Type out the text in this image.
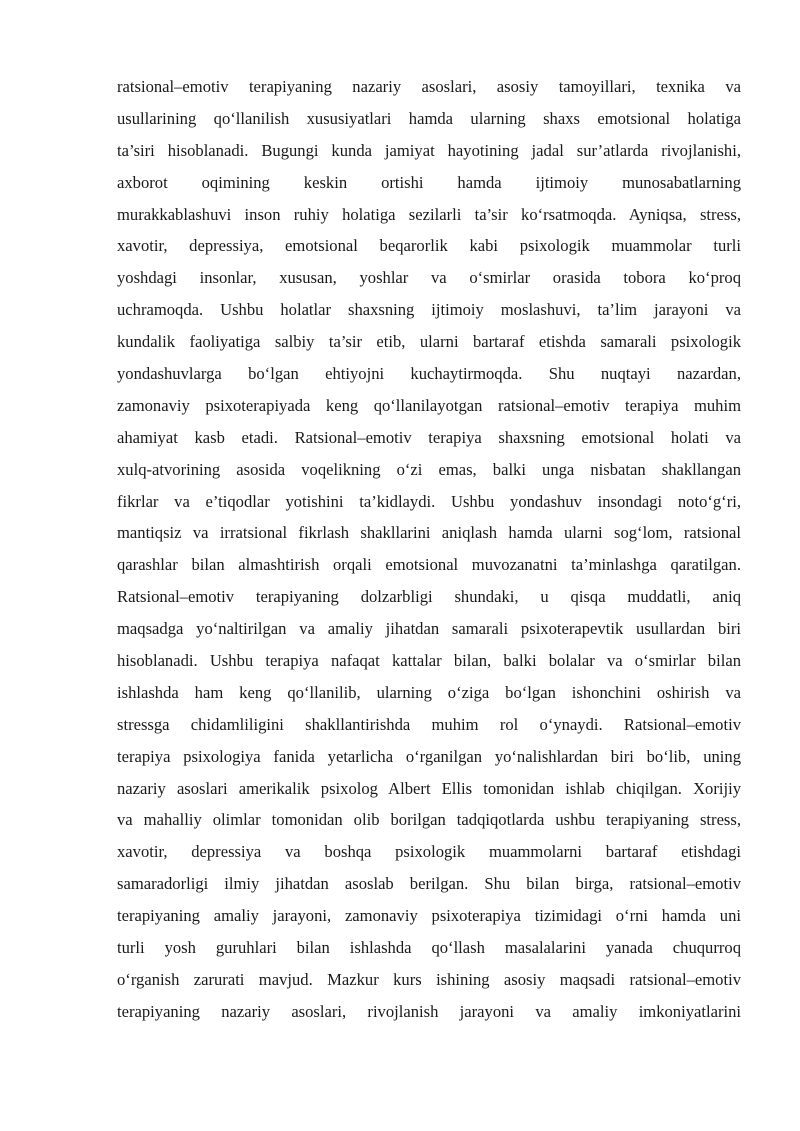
ratsional–emotiv terapiyaning nazariy asoslari, asosiy tamoyillari, texnika va
usullarining qo‘llanilish xususiyatlari hamda ularning shaxs emotsional holatiga
ta’siri hisoblanadi. Bugungi kunda jamiyat hayotining jadal sur’atlarda rivojlanishi,
axborot oqimining keskin ortishi hamda ijtimoiy munosabatlarning
murakkablashuvi inson ruhiy holatiga sezilarli ta’sir ko‘rsatmoqda. Ayniqsa, stress,
xavotir, depressiya, emotsional beqarorlik kabi psixologik muammolar turli
yoshdagi insonlar, xususan, yoshlar va o‘smirlar orasida tobora ko‘proq
uchramoqda. Ushbu holatlar shaxsning ijtimoiy moslashuvi, ta’lim jarayoni va
kundalik faoliyatiga salbiy ta’sir etib, ularni bartaraf etishda samarali psixologik
yondashuvlarga bo‘lgan ehtiyojni kuchaytirmoqda. Shu nuqtayi nazardan,
zamonaviy psixoterapiyada keng qo‘llanilayotgan ratsional–emotiv terapiya muhim
ahamiyat kasb etadi. Ratsional–emotiv terapiya shaxsning emotsional holati va
xulq-atvorining asosida voqelikning o‘zi emas, balki unga nisbatan shakllangan
fikrlar va e’tiqodlar yotishini ta’kidlaydi. Ushbu yondashuv insondagi noto‘g‘ri,
mantiqsiz va irratsional fikrlash shakllarini aniqlash hamda ularni sog‘lom, ratsional
qarashlar bilan almashtirish orqali emotsional muvozanatni ta’minlashga qaratilgan.
Ratsional–emotiv terapiyaning dolzarbligi shundaki, u qisqa muddatli, aniq
maqsadga yo‘naltirilgan va amaliy jihatdan samarali psixoterapevtik usullardan biri
hisoblanadi. Ushbu terapiya nafaqat kattalar bilan, balki bolalar va o‘smirlar bilan
ishlashda ham keng qo‘llanilib, ularning o‘ziga bo‘lgan ishonchini oshirish va
stressga chidamliligini shakllantirishda muhim rol o‘ynaydi. Ratsional–emotiv
terapiya psixologiya fanida yetarlicha o‘rganilgan yo‘nalishlardan biri bo‘lib, uning
nazariy asoslari amerikalik psixolog Albert Ellis tomonidan ishlab chiqilgan. Xorijiy
va mahalliy olimlar tomonidan olib borilgan tadqiqotlarda ushbu terapiyaning stress,
xavotir, depressiya va boshqa psixologik muammolarni bartaraf etishdagi
samaradorligi ilmiy jihatdan asoslab berilgan. Shu bilan birga, ratsional–emotiv
terapiyaning amaliy jarayoni, zamonaviy psixoterapiya tizimidagi o‘rni hamda uni
turli yosh guruhlari bilan ishlashda qo‘llash masalalarini yanada chuqurroq
o‘rganish zarurati mavjud. Mazkur kurs ishining asosiy maqsadi ratsional–emotiv
terapiyaning nazariy asoslari, rivojlanish jarayoni va amaliy imkoniyatlarini
